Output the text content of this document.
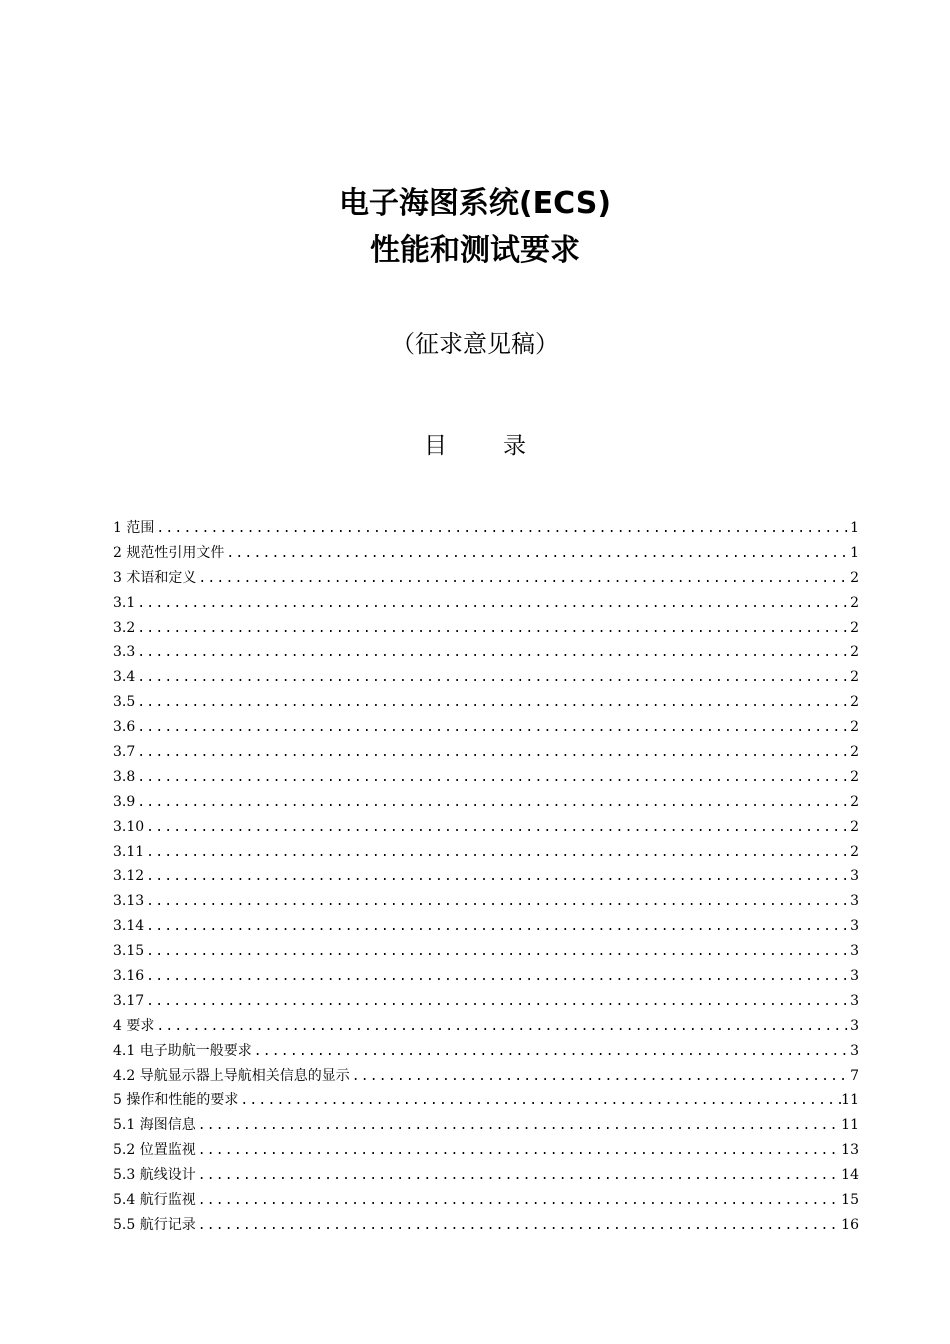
电子海图系统(ECS)
性能和测试要求
（征求意见稿）
目 录
1 范围 .....	1
2 规范性引用文件 .....	1
3 术语和定义 .....	2
3.1 .....	2
3.2 .....	2
3.3 .....	2
3.4 .....	2
3.5 .....	2
3.6 .....	2
3.7 .....	2
3.8 .....	2
3.9 .....	2
3.10 .....	2
3.11 .....	2
3.12 .....	3
3.13 .....	3
3.14 .....	3
3.15 .....	3
3.16 .....	3
3.17 .....	3
4 要求 .....	3
4.1 电子助航一般要求 .....	3
4.2 导航显示器上导航相关信息的显示 .....	7
5 操作和性能的要求 .....	11
5.1 海图信息 .....	11
5.2 位置监视 .....	13
5.3 航线设计 .....	14
5.4 航行监视 .....	15
5.5 航行记录 .....	16
